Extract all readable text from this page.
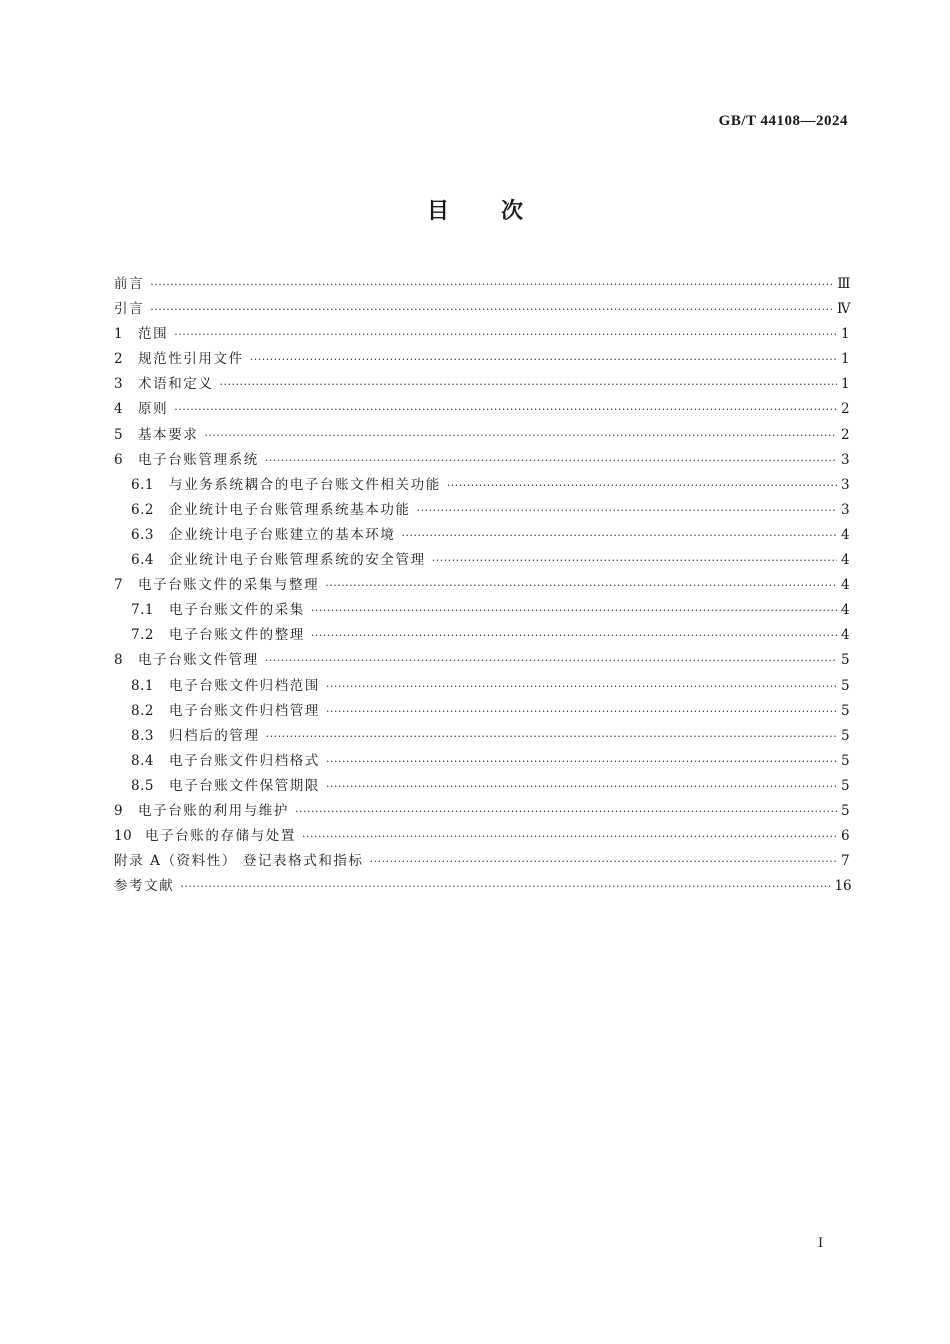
GB/T 44108—2024
目次
前言 ·····	Ⅲ
引言 ·····	Ⅳ
1	范围 ·····	1
2	规范性引用文件 ·····	1
3	术语和定义 ·····	1
4	原则 ·····	2
5	基本要求 ·····	2
6	电子台账管理系统 ·····	3
6.1	与业务系统耦合的电子台账文件相关功能 ·····	3
6.2	企业统计电子台账管理系统基本功能 ·····	3
6.3	企业统计电子台账建立的基本环境 ·····	4
6.4	企业统计电子台账管理系统的安全管理 ·····	4
7	电子台账文件的采集与整理 ·····	4
7.1	电子台账文件的采集 ·····	4
7.2	电子台账文件的整理 ·····	4
8	电子台账文件管理 ·····	5
8.1	电子台账文件归档范围 ·····	5
8.2	电子台账文件归档管理 ·····	5
8.3	归档后的管理 ·····	5
8.4	电子台账文件归档格式 ·····	5
8.5	电子台账文件保管期限 ·····	5
9	电子台账的利用与维护 ·····	5
10 电子台账的存储与处置 ·····	6
附录 A（资料性） 登记表格式和指标 ·····	7
参考文献 ·····	16
Ⅰ
